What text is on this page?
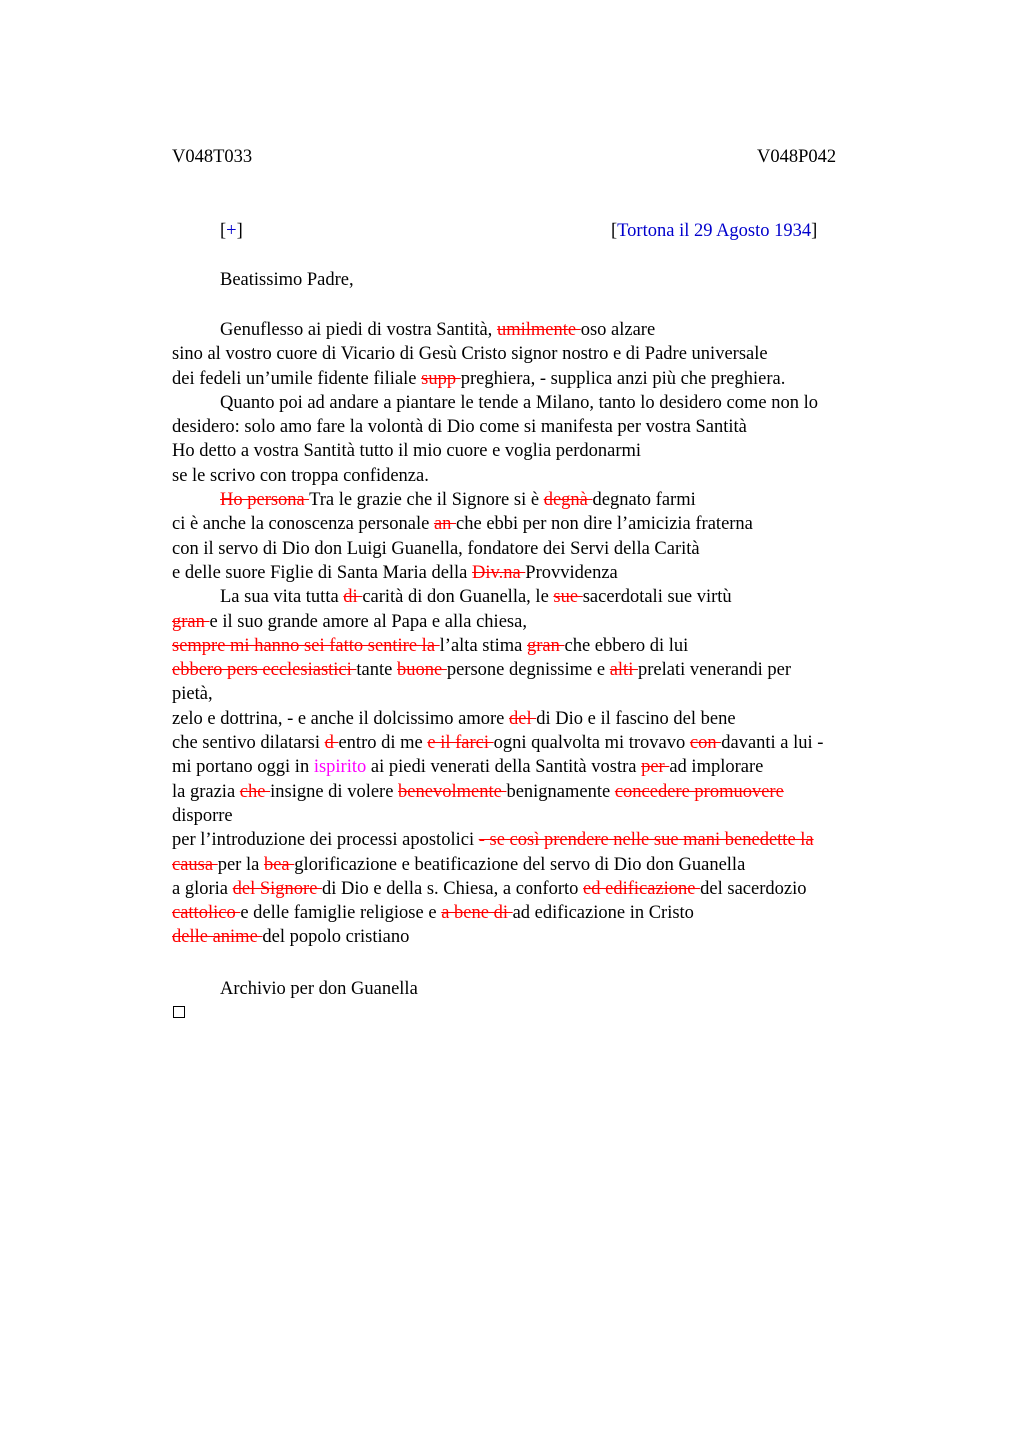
V048T033	V048P042
[+]	[Tortona il 29 Agosto 1934]
Beatissimo Padre,
Genuflesso ai piedi di vostra Santità, umilmente oso alzare
sino al vostro cuore di Vicario di Gesù Cristo signor nostro e di Padre universale
dei fedeli un’umile fidente filiale supp preghiera, - supplica anzi più che preghiera.
Quanto poi ad andare a piantare le tende a Milano, tanto lo desidero come non lo
desidero: solo amo fare la volontà di Dio come si manifesta per vostra Santità
Ho detto a vostra Santità tutto il mio cuore e voglia perdonarmi
se le scrivo con troppa confidenza.
Ho persona Tra le grazie che il Signore si è degnà degnato farmi
ci è anche la conoscenza personale an che ebbi per non dire l’amicizia fraterna
con il servo di Dio don Luigi Guanella, fondatore dei Servi della Carità
e delle suore Figlie di Santa Maria della Div.na Provvidenza
La sua vita tutta di carità di don Guanella, le sue sacerdotali sue virtù
gran e il suo grande amore al Papa e alla chiesa,
sempre mi hanno sei fatto sentire la l’alta stima gran che ebbero di lui
ebbero pers ecclesiastici tante buone persone degnissime e alti prelati venerandi per
pietà,
zelo e dottrina, - e anche il dolcissimo amore del di Dio e il fascino del bene
che sentivo dilatarsi d entro di me e il farci ogni qualvolta mi trovavo con davanti a lui -
mi portano oggi in ispirito ai piedi venerati della Santità vostra per ad implorare
la grazia che insigne di volere benevolmente benignamente concedere promuovere
disporre
per l’introduzione dei processi apostolici - se così prendere nelle sue mani benedette la
causa per la bea glorificazione e beatificazione del servo di Dio don Guanella
a gloria del Signore di Dio e della s. Chiesa, a conforto ed edificazione del sacerdozio
cattolico e delle famiglie religiose e a bene di ad edificazione in Cristo
delle anime del popolo cristiano
Archivio per don Guanella
